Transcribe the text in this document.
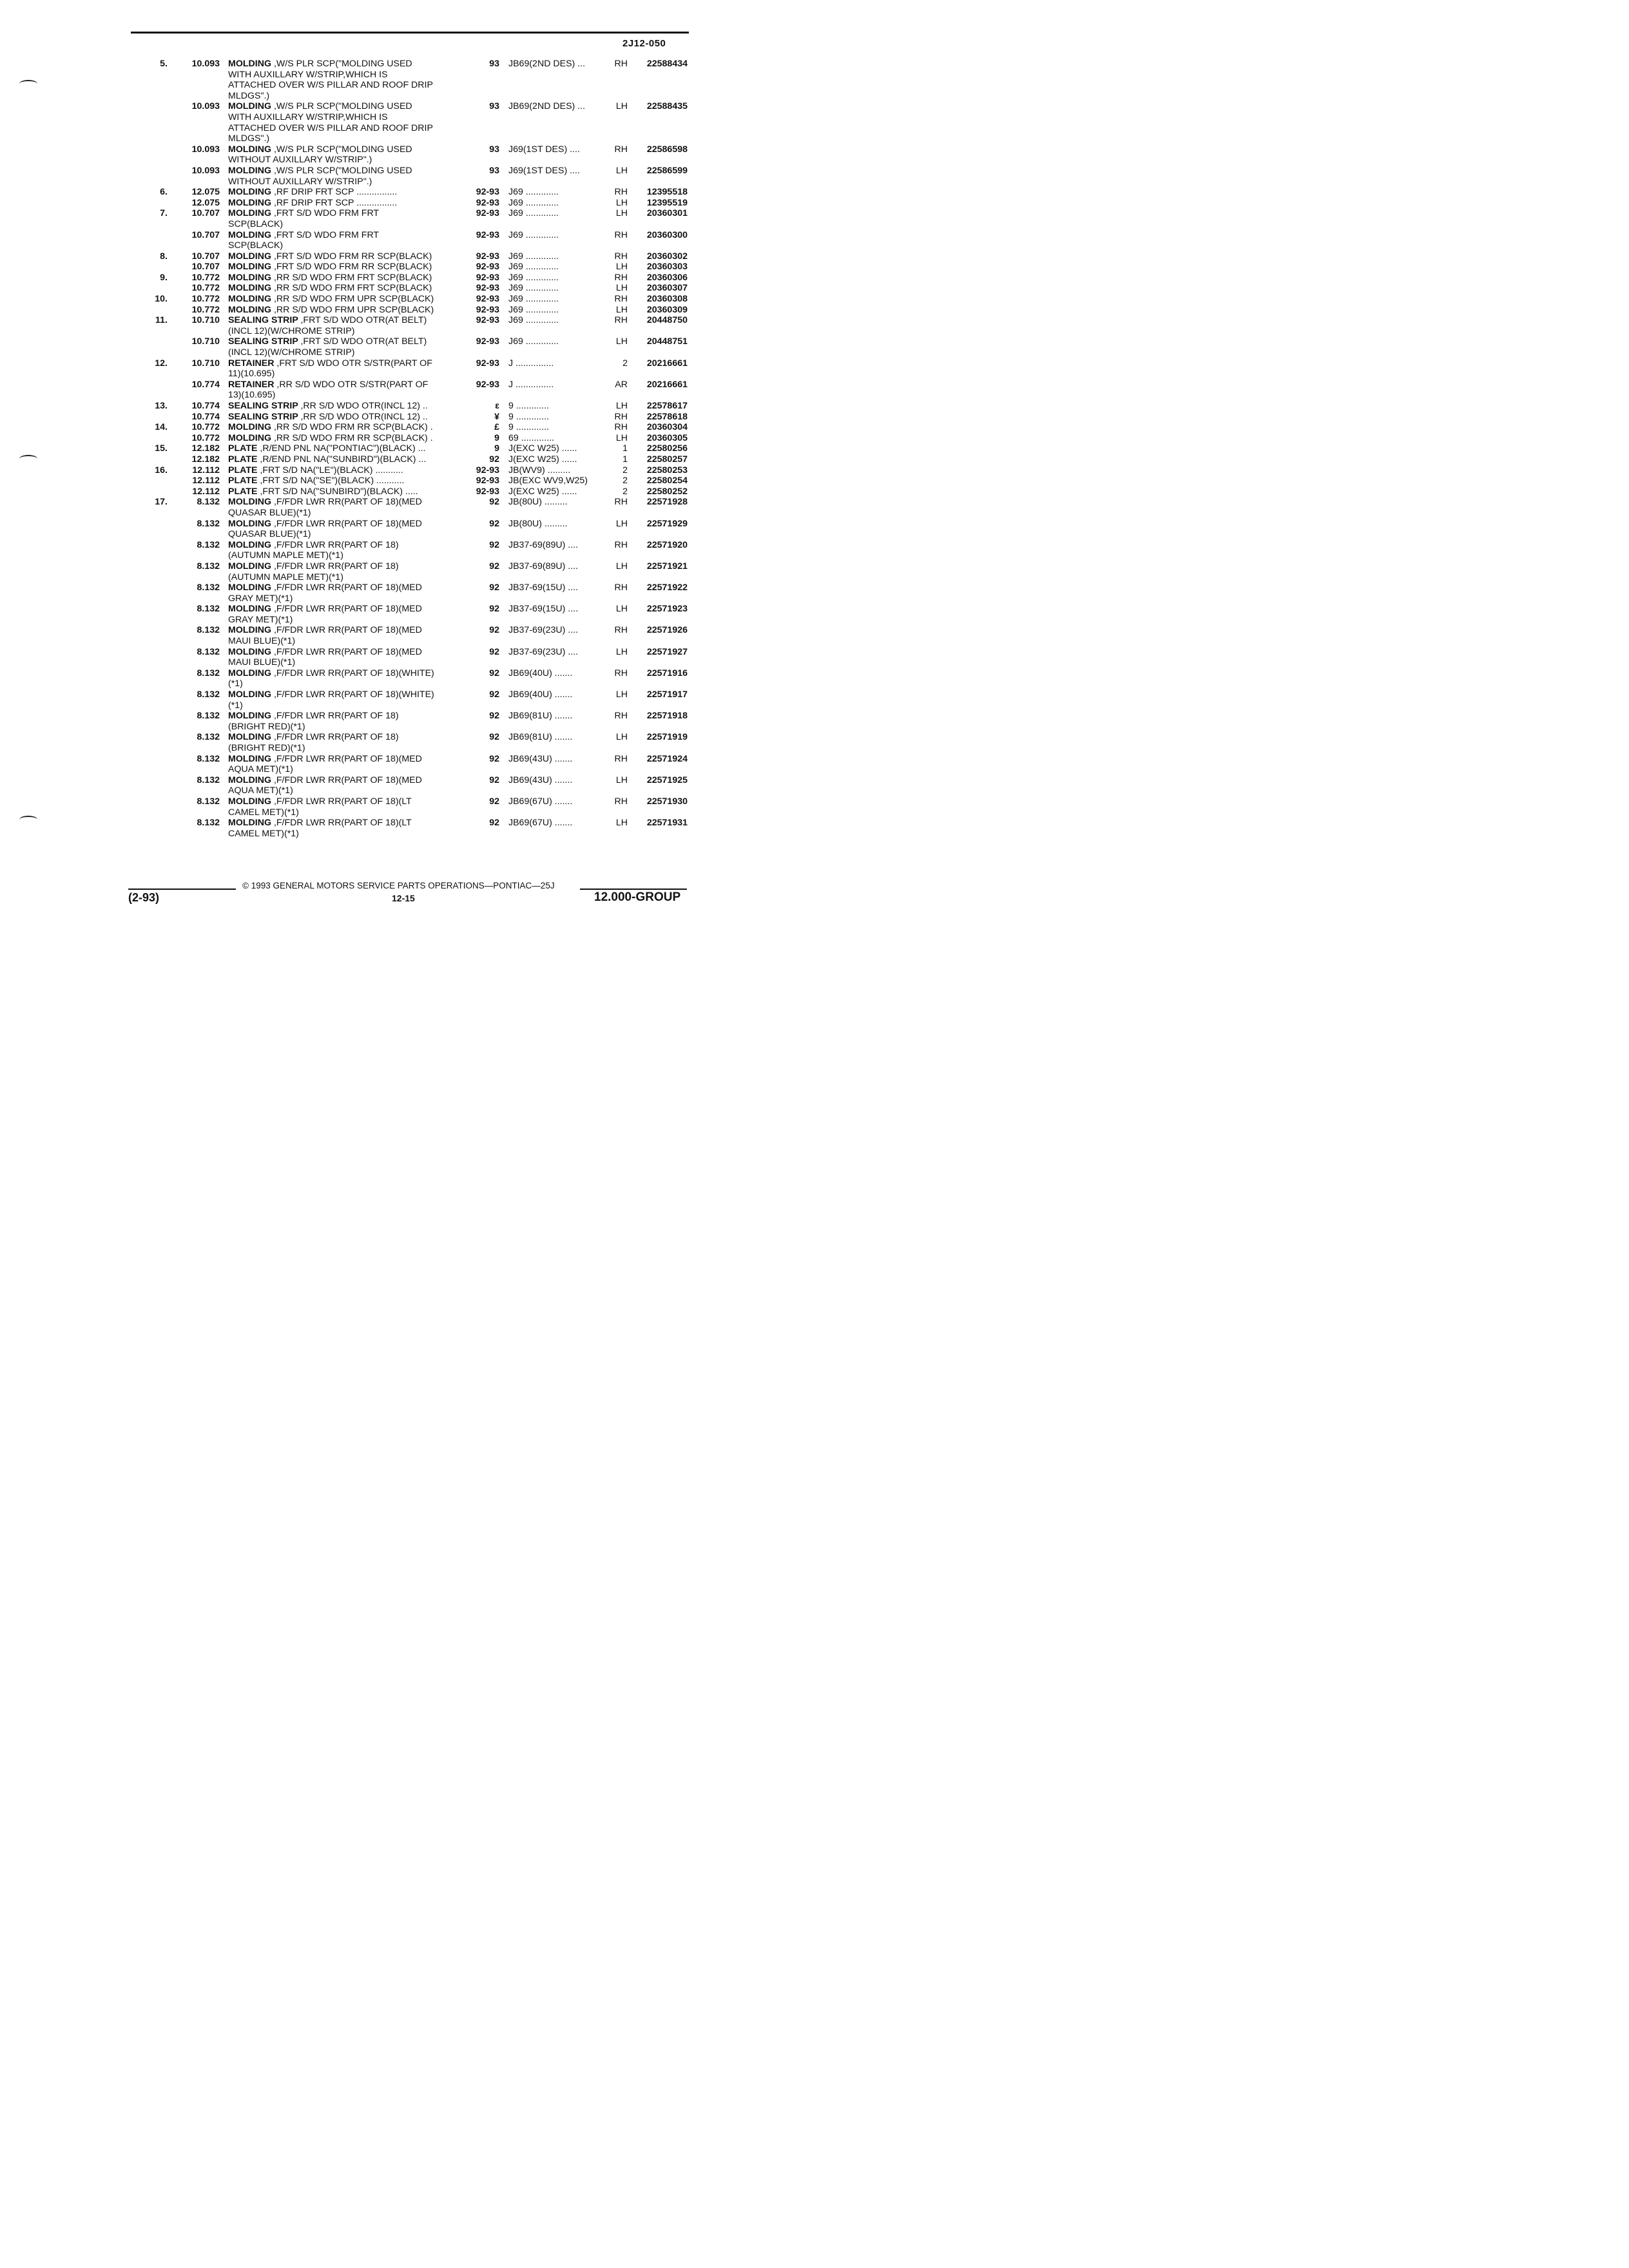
2J12-050
5.	10.093	93 JB69(2ND DES) ...	RH	22588434
MOLDING ,W/S PLR SCP("MOLDING USED
WITH AUXILLARY W/STRIP,WHICH IS
ATTACHED OVER W/S PILLAR AND ROOF DRIP
MLDGS".)
10.093	93 JB69(2ND DES) ...	LH	22588435
MOLDING ,W/S PLR SCP("MOLDING USED
WITH AUXILLARY W/STRIP,WHICH IS
ATTACHED OVER W/S PILLAR AND ROOF DRIP
MLDGS".)
10.093	93 J69(1ST DES) ....	RH	22586598
MOLDING ,W/S PLR SCP("MOLDING USED
WITHOUT AUXILLARY W/STRIP".)
10.093	93 J69(1ST DES) ....	LH	22586599
MOLDING ,W/S PLR SCP("MOLDING USED
WITHOUT AUXILLARY W/STRIP".)
6.	12.075	92-93 J69 .............	RH	12395518
MOLDING ,RF DRIP FRT SCP ................
12.075	92-93 J69 .............	LH	12395519
MOLDING ,RF DRIP FRT SCP ................
7.	10.707	92-93 J69 .............	LH	20360301
MOLDING ,FRT S/D WDO FRM FRT
SCP(BLACK)
10.707	92-93 J69 .............	RH	20360300
MOLDING ,FRT S/D WDO FRM FRT
SCP(BLACK)
8.	10.707	92-93 J69 .............	RH	20360302
MOLDING ,FRT S/D WDO FRM RR SCP(BLACK)
10.707	92-93 J69 .............	LH	20360303
MOLDING ,FRT S/D WDO FRM RR SCP(BLACK)
9.	10.772	92-93 J69 .............	RH	20360306
MOLDING ,RR S/D WDO FRM FRT SCP(BLACK)
10.772	92-93 J69 .............	LH	20360307
MOLDING ,RR S/D WDO FRM FRT SCP(BLACK)
10.	10.772	92-93 J69 .............	RH	20360308
MOLDING ,RR S/D WDO FRM UPR SCP(BLACK)
10.772	92-93 J69 .............	LH	20360309
MOLDING ,RR S/D WDO FRM UPR SCP(BLACK)
11.	10.710	92-93 J69 .............	RH	20448750
SEALING STRIP ,FRT S/D WDO OTR(AT BELT)
(INCL 12)(W/CHROME STRIP)
10.710	92-93 J69 .............	LH	20448751
SEALING STRIP ,FRT S/D WDO OTR(AT BELT)
(INCL 12)(W/CHROME STRIP)
12.	10.710	92-93 J ...............	2	20216661
RETAINER ,FRT S/D WDO OTR S/STR(PART OF
11)(10.695)
10.774	92-93 J ...............	AR	20216661
RETAINER ,RR S/D WDO OTR S/STR(PART OF
13)(10.695)
13.	10.774	ε 9 .............	LH	22578617
SEALING STRIP ,RR S/D WDO OTR(INCL 12) ..
10.774	¥ 9 .............	RH	22578618
SEALING STRIP ,RR S/D WDO OTR(INCL 12) ..
14.	10.772	£ 9 .............	RH	20360304
MOLDING ,RR S/D WDO FRM RR SCP(BLACK) .
10.772	9 69 .............	LH	20360305
MOLDING ,RR S/D WDO FRM RR SCP(BLACK) .
15.	12.182	9 J(EXC W25) ......	1	22580256
PLATE ,R/END PNL NA("PONTIAC")(BLACK) ...
12.182	92 J(EXC W25) ......	1	22580257
PLATE ,R/END PNL NA("SUNBIRD")(BLACK) ...
16.	12.112	92-93 JB(WV9) .........	2	22580253
PLATE ,FRT S/D NA("LE")(BLACK) ...........
12.112	92-93 JB(EXC WV9,W25)	2	22580254
PLATE ,FRT S/D NA("SE")(BLACK) ...........
12.112	92-93 J(EXC W25) ......	2	22580252
PLATE ,FRT S/D NA("SUNBIRD")(BLACK) .....
17.	8.132	92 JB(80U) .........	RH	22571928
MOLDING ,F/FDR LWR RR(PART OF 18)(MED
QUASAR BLUE)(*1)
8.132	92 JB(80U) .........	LH	22571929
MOLDING ,F/FDR LWR RR(PART OF 18)(MED
QUASAR BLUE)(*1)
8.132	92 JB37-69(89U) ....	RH	22571920
MOLDING ,F/FDR LWR RR(PART OF 18)
(AUTUMN MAPLE MET)(*1)
8.132	92 JB37-69(89U) ....	LH	22571921
MOLDING ,F/FDR LWR RR(PART OF 18)
(AUTUMN MAPLE MET)(*1)
8.132	92 JB37-69(15U) ....	RH	22571922
MOLDING ,F/FDR LWR RR(PART OF 18)(MED
GRAY MET)(*1)
8.132	92 JB37-69(15U) ....	LH	22571923
MOLDING ,F/FDR LWR RR(PART OF 18)(MED
GRAY MET)(*1)
8.132	92 JB37-69(23U) ....	RH	22571926
MOLDING ,F/FDR LWR RR(PART OF 18)(MED
MAUI BLUE)(*1)
8.132	92 JB37-69(23U) ....	LH	22571927
MOLDING ,F/FDR LWR RR(PART OF 18)(MED
MAUI BLUE)(*1)
8.132	92 JB69(40U) .......	RH	22571916
MOLDING ,F/FDR LWR RR(PART OF 18)(WHITE)
(*1)
8.132	92 JB69(40U) .......	LH	22571917
MOLDING ,F/FDR LWR RR(PART OF 18)(WHITE)
(*1)
8.132	92 JB69(81U) .......	RH	22571918
MOLDING ,F/FDR LWR RR(PART OF 18)
(BRIGHT RED)(*1)
8.132	92 JB69(81U) .......	LH	22571919
MOLDING ,F/FDR LWR RR(PART OF 18)
(BRIGHT RED)(*1)
8.132	92 JB69(43U) .......	RH	22571924
MOLDING ,F/FDR LWR RR(PART OF 18)(MED
AQUA MET)(*1)
8.132	92 JB69(43U) .......	LH	22571925
MOLDING ,F/FDR LWR RR(PART OF 18)(MED
AQUA MET)(*1)
8.132	92 JB69(67U) .......	RH	22571930
MOLDING ,F/FDR LWR RR(PART OF 18)(LT
CAMEL MET)(*1)
8.132	92 JB69(67U) .......	LH	22571931
MOLDING ,F/FDR LWR RR(PART OF 18)(LT
CAMEL MET)(*1)
© 1993 GENERAL MOTORS SERVICE PARTS OPERATIONS—PONTIAC—25J
(2-93)	12-15	12.000-GROUP
